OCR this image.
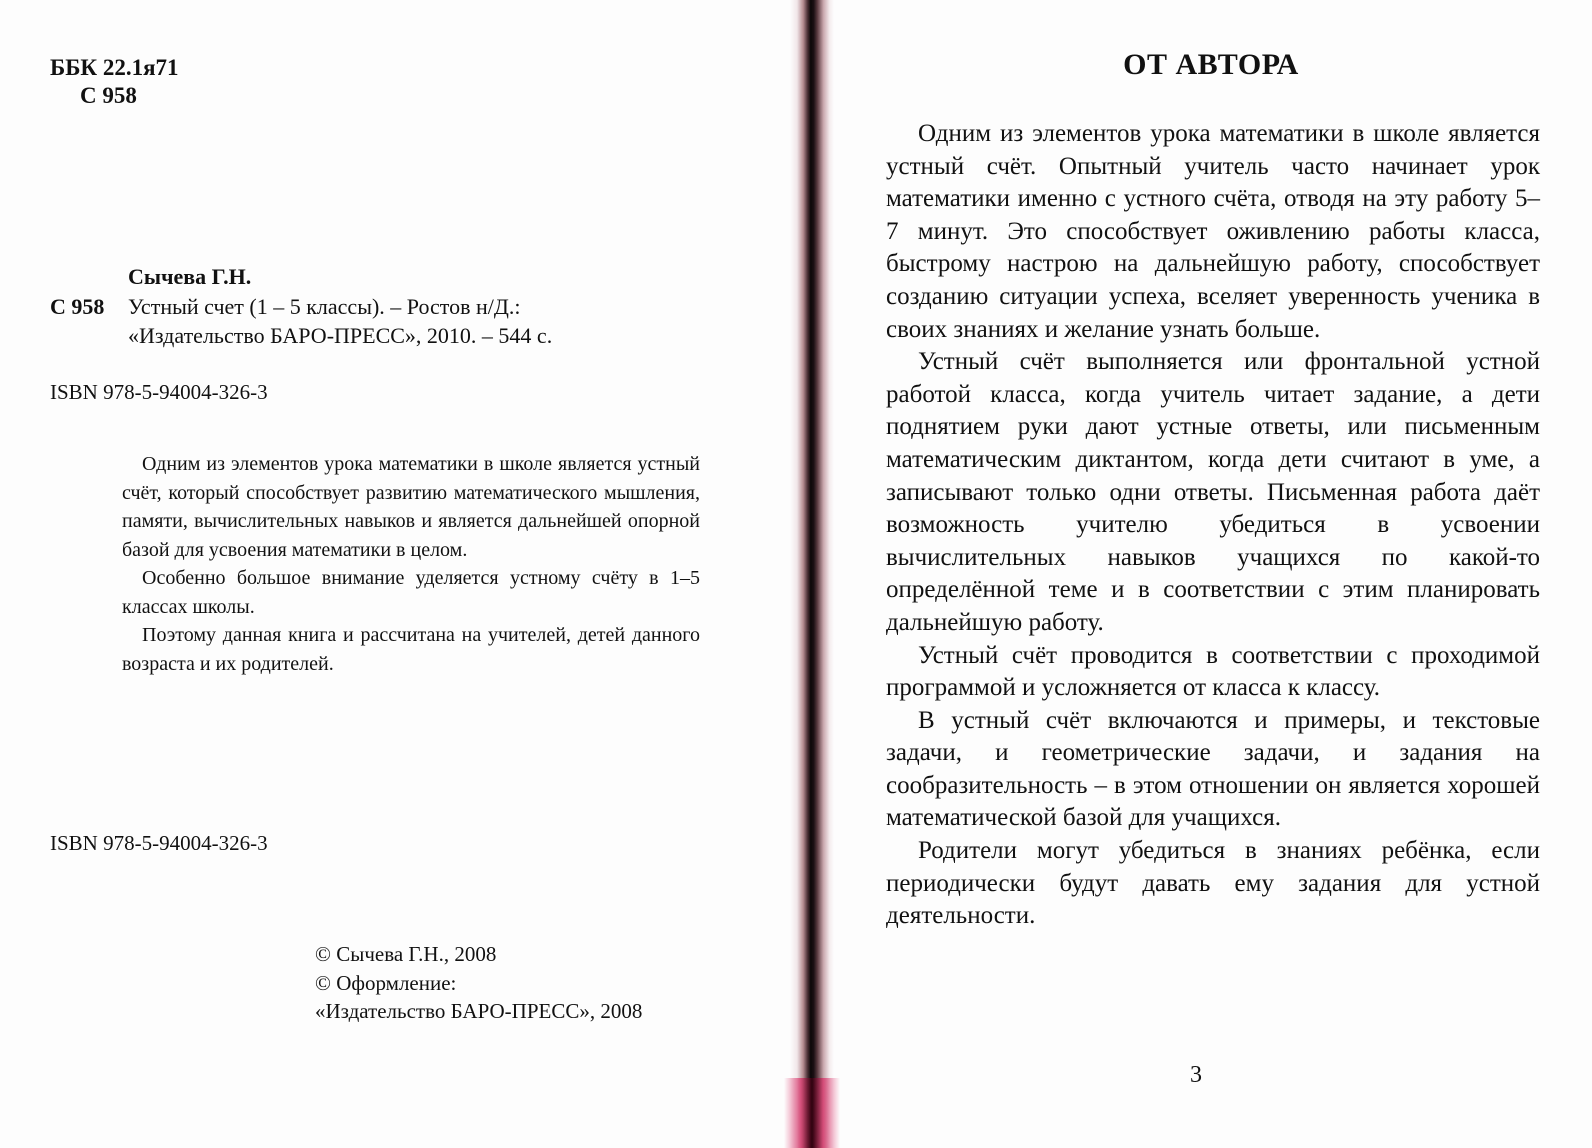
ББК 22.1я71
С 958
Сычева Г.Н.
С 958 Устный счет (1 – 5 классы). – Ростов н/Д.:
«Издательство БАРО-ПРЕСС», 2010. – 544 с.
ISBN 978-5-94004-326-3

Одним из элементов урока математики в школе является устный счёт, который способствует развитию математического мышления, памяти, вычислительных навыков и является дальнейшей опорной базой для усвоения математики в целом.

Особенно большое внимание уделяется устному счёту в 1–5 классах школы.

Поэтому данная книга и рассчитана на учителей, детей данного возраста и их родителей.

ISBN 978-5-94004-326-3
© Сычева Г.Н., 2008
© Оформление:
«Издательство БАРО-ПРЕСС», 2008
ОТ АВТОРА

Одним из элементов урока математики в школе является устный счёт. Опытный учитель часто начинает урок математики именно с устного счёта, отводя на эту работу 5–7 минут. Это способствует оживлению работы класса, быстрому настрою на дальнейшую работу, способствует созданию ситуации успеха, вселяет уверенность ученика в своих знаниях и желание узнать больше.

Устный счёт выполняется или фронтальной устной работой класса, когда учитель читает задание, а дети поднятием руки дают устные ответы, или письменным математическим диктантом, когда дети считают в уме, а записывают только одни ответы. Письменная работа даёт возможность учителю убедиться в усвоении вычислительных навыков учащихся по какой-то определённой теме и в соответствии с этим планировать дальнейшую работу.

Устный счёт проводится в соответствии с проходимой программой и усложняется от класса к классу.

В устный счёт включаются и примеры, и текстовые задачи, и геометрические задачи, и задания на сообразительность – в этом отношении он является хорошей математической базой для учащихся.

Родители могут убедиться в знаниях ребёнка, если периодически будут давать ему задания для устной деятельности.

3
